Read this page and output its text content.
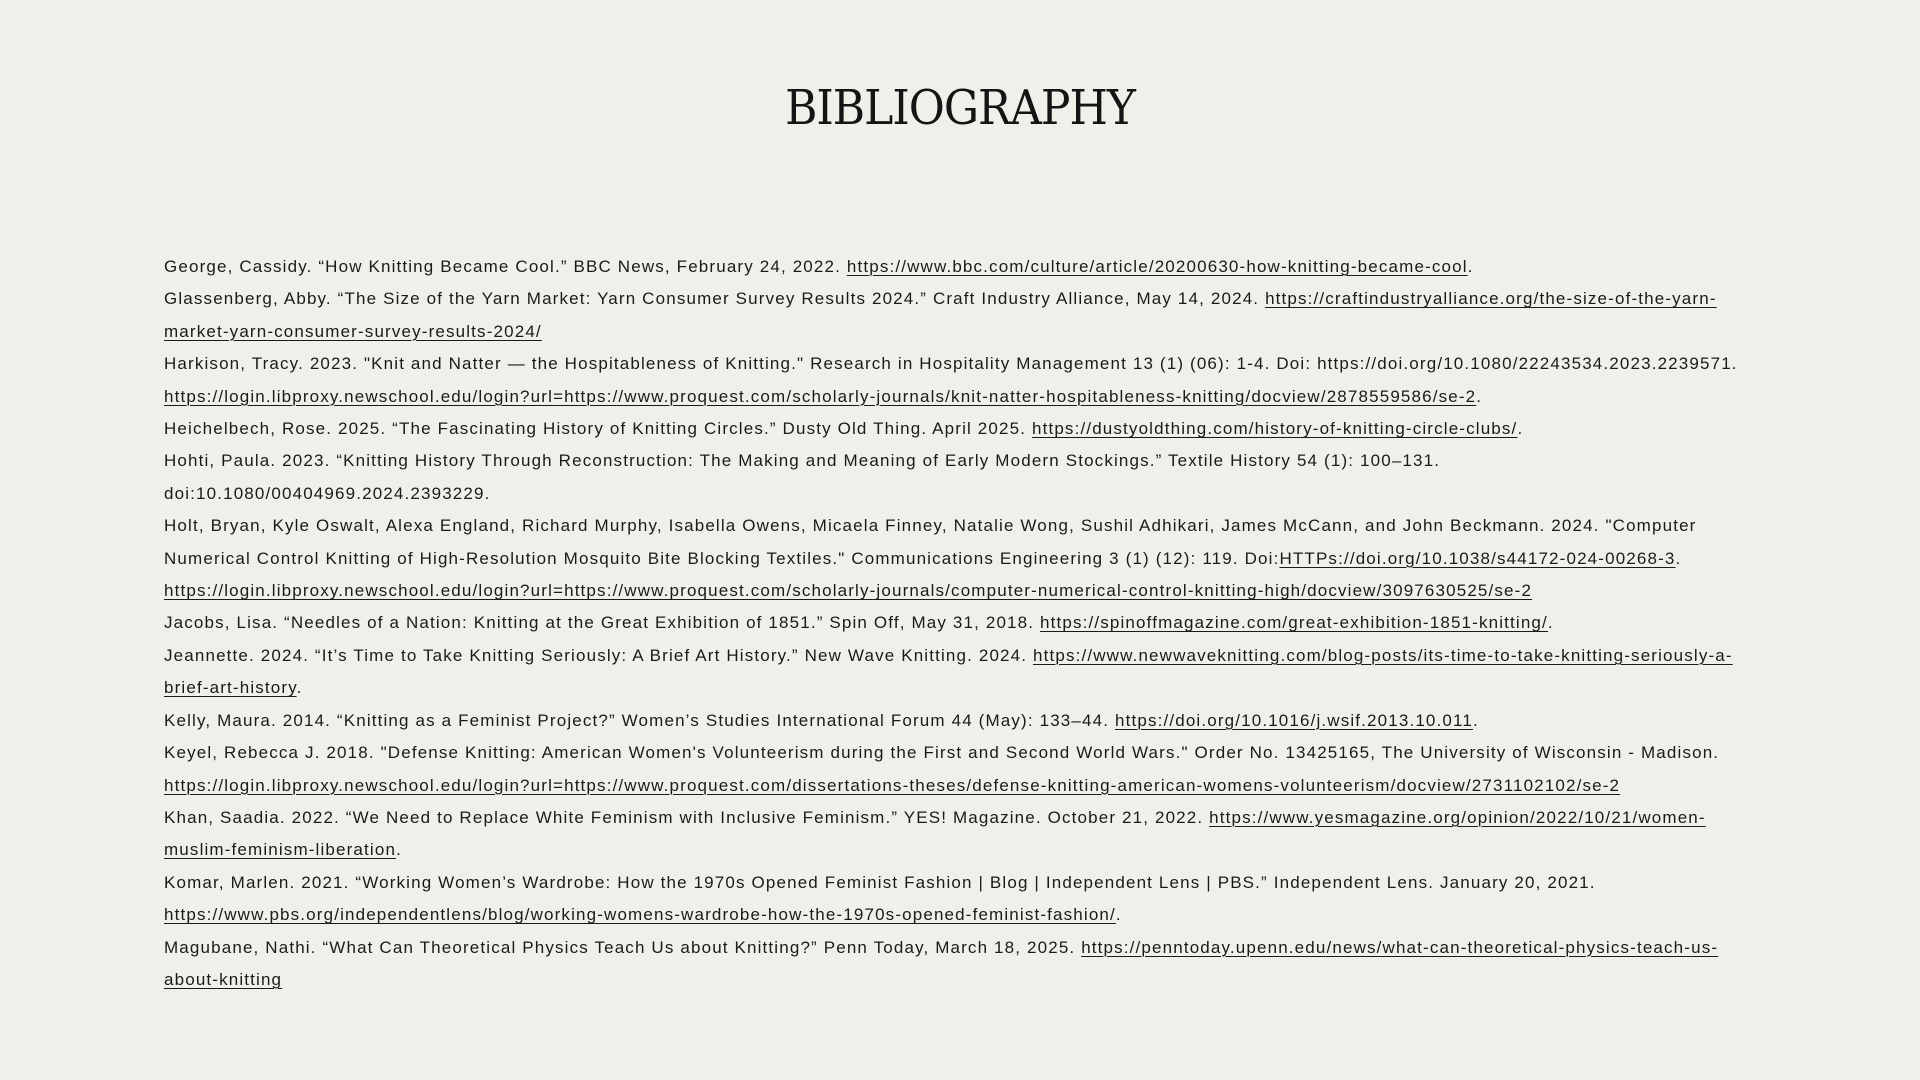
BIBLIOGRAPHY

George, Cassidy. “How Knitting Became Cool.” BBC News, February 24, 2022. https://www.bbc.com/culture/article/20200630-how-knitting-became-cool.

Glassenberg, Abby. “The Size of the Yarn Market: Yarn Consumer Survey Results 2024.” Craft Industry Alliance, May 14, 2024. https://craftindustryalliance.org/the-size-of-the-yarn-market-yarn-consumer-survey-results-2024/

Harkison, Tracy. 2023. "Knit and Natter — the Hospitableness of Knitting." Research in Hospitality Management 13 (1) (06): 1-4. Doi: https://doi.org/10.1080/22243534.2023.2239571. https://login.libproxy.newschool.edu/login?url=https://www.proquest.com/scholarly-journals/knit-natter-hospitableness-knitting/docview/2878559586/se-2.

Heichelbech, Rose. 2025. “The Fascinating History of Knitting Circles.” Dusty Old Thing. April 2025. https://dustyoldthing.com/history-of-knitting-circle-clubs/.

Hohti, Paula. 2023. “Knitting History Through Reconstruction: The Making and Meaning of Early Modern Stockings.” Textile History 54 (1): 100–131. doi:10.1080/00404969.2024.2393229.

Holt, Bryan, Kyle Oswalt, Alexa England, Richard Murphy, Isabella Owens, Micaela Finney, Natalie Wong, Sushil Adhikari, James McCann, and John Beckmann. 2024. "Computer Numerical Control Knitting of High-Resolution Mosquito Bite Blocking Textiles." Communications Engineering 3 (1) (12): 119. Doi:HTTPs://doi.org/10.1038/s44172-024-00268-3. https://login.libproxy.newschool.edu/login?url=https://www.proquest.com/scholarly-journals/computer-numerical-control-knitting-high/docview/3097630525/se-2

Jacobs, Lisa. “Needles of a Nation: Knitting at the Great Exhibition of 1851.” Spin Off, May 31, 2018. https://spinoffmagazine.com/great-exhibition-1851-knitting/.

Jeannette. 2024. “It’s Time to Take Knitting Seriously: A Brief Art History.” New Wave Knitting. 2024. https://www.newwaveknitting.com/blog-posts/its-time-to-take-knitting-seriously-a-brief-art-history.

Kelly, Maura. 2014. “Knitting as a Feminist Project?” Women’s Studies International Forum 44 (May): 133–44. https://doi.org/10.1016/j.wsif.2013.10.011.

Keyel, Rebecca J. 2018. "Defense Knitting: American Women's Volunteerism during the First and Second World Wars." Order No. 13425165, The University of Wisconsin - Madison. https://login.libproxy.newschool.edu/login?url=https://www.proquest.com/dissertations-theses/defense-knitting-american-womens-volunteerism/docview/2731102102/se-2

Khan, Saadia. 2022. “We Need to Replace White Feminism with Inclusive Feminism.” YES! Magazine. October 21, 2022. https://www.yesmagazine.org/opinion/2022/10/21/women-muslim-feminism-liberation.

Komar, Marlen. 2021. “Working Women’s Wardrobe: How the 1970s Opened Feminist Fashion | Blog | Independent Lens | PBS.” Independent Lens. January 20, 2021. https://www.pbs.org/independentlens/blog/working-womens-wardrobe-how-the-1970s-opened-feminist-fashion/.

Magubane, Nathi. “What Can Theoretical Physics Teach Us about Knitting?” Penn Today, March 18, 2025. https://penntoday.upenn.edu/news/what-can-theoretical-physics-teach-us-about-knitting
